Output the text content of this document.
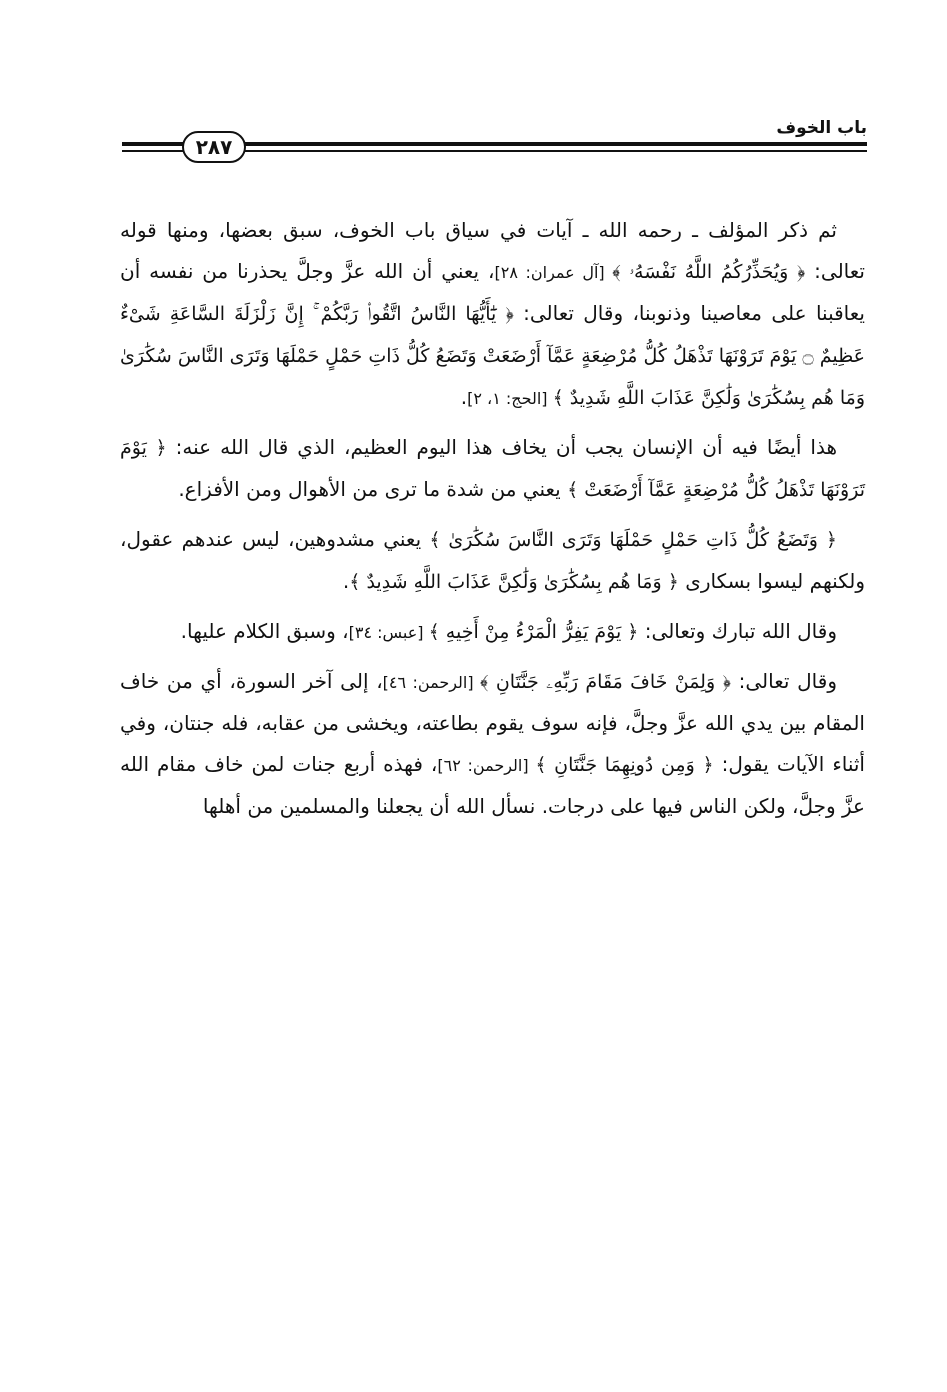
باب الخوف
٢٨٧

ثم ذكر المؤلف ـ رحمه الله ـ آيات في سياق باب الخوف، سبق بعضها، ومنها قوله تعالى: ﴿ وَيُحَذِّرُكُمُ اللَّهُ نَفْسَهُۥ ﴾ [آل عمران: ٢٨]، يعني أن الله عزَّ وجلَّ يحذرنا من نفسه أن يعاقبنا على معاصينا وذنوبنا، وقال تعالى: ﴿ يَٰٓأَيُّهَا النَّاسُ اتَّقُوا۟ رَبَّكُمْ ۚ إِنَّ زَلْزَلَةَ السَّاعَةِ شَىْءٌ عَظِيمٌ ۝ يَوْمَ تَرَوْنَهَا تَذْهَلُ كُلُّ مُرْضِعَةٍ عَمَّآ أَرْضَعَتْ وَتَضَعُ كُلُّ ذَاتِ حَمْلٍ حَمْلَهَا وَتَرَى النَّاسَ سُكَٰرَىٰ وَمَا هُم بِسُكَٰرَىٰ وَلَٰكِنَّ عَذَابَ اللَّهِ شَدِيدٌ ﴾ [الحج: ١، ٢].

هذا أيضًا فيه أن الإنسان يجب أن يخاف هذا اليوم العظيم، الذي قال الله عنه: ﴿ يَوْمَ تَرَوْنَهَا تَذْهَلُ كُلُّ مُرْضِعَةٍ عَمَّآ أَرْضَعَتْ ﴾ يعني من شدة ما ترى من الأهوال ومن الأفزاع.

﴿ وَتَضَعُ كُلُّ ذَاتِ حَمْلٍ حَمْلَهَا وَتَرَى النَّاسَ سُكَٰرَىٰ ﴾ يعني مشدوهين، ليس عندهم عقول، ولكنهم ليسوا بسكارى ﴿ وَمَا هُم بِسُكَٰرَىٰ وَلَٰكِنَّ عَذَابَ اللَّهِ شَدِيدٌ ﴾.

وقال الله تبارك وتعالى: ﴿ يَوْمَ يَفِرُّ الْمَرْءُ مِنْ أَخِيهِ ﴾ [عبس: ٣٤]، وسبق الكلام عليها.

وقال تعالى: ﴿ وَلِمَنْ خَافَ مَقَامَ رَبِّهِۦ جَنَّتَانِ ﴾ [الرحمن: ٤٦]، إلى آخر السورة، أي من خاف المقام بين يدي الله عزَّ وجلَّ، فإنه سوف يقوم بطاعته، ويخشى من عقابه، فله جنتان، وفي أثناء الآيات يقول: ﴿ وَمِن دُونِهِمَا جَنَّتَانِ ﴾ [الرحمن: ٦٢]، فهذه أربع جنات لمن خاف مقام الله عزَّ وجلَّ، ولكن الناس فيها على درجات. نسأل الله أن يجعلنا والمسلمين من أهلها
